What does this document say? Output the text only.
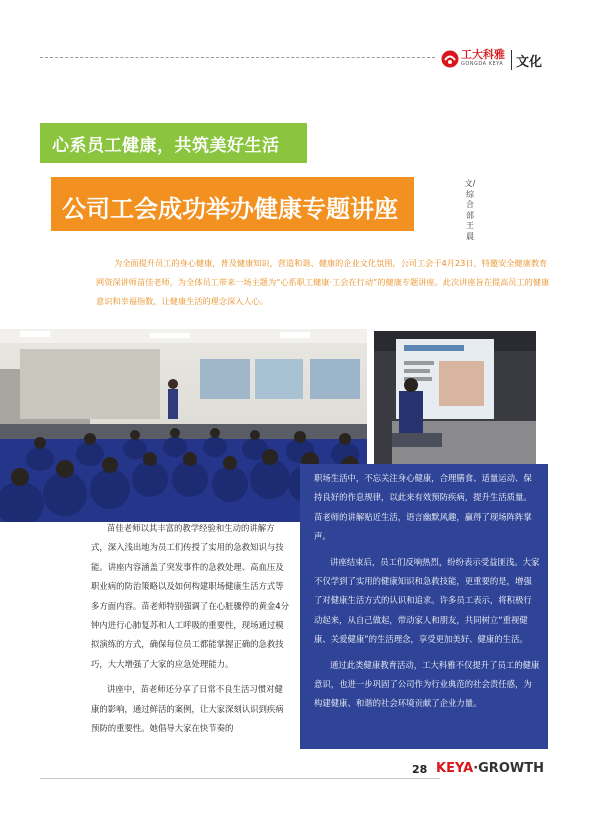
工大科雅
GONGDA KEYA 文化
心系员工健康，共筑美好生活
公司工会成功举办健康专题讲座
文/综合部 王晨
为全面提升员工的身心健康，普及健康知识，营造和谐、健康的企业文化氛围，公司工会于4月23日，特邀安全健康教育网资深讲师苗佳老师，为全体员工带来一场主题为“心系职工健康·工会在行动”的健康专题讲座。此次讲座旨在提高员工的健康意识和幸福指数，让健康生活的理念深入人心。

职场生活中，不忘关注身心健康，合理膳食、适量运动、保持良好的作息规律，以此来有效预防疾病，提升生活质量。苗老师的讲解贴近生活，语言幽默风趣，赢得了现场阵阵掌声。

讲座结束后，员工们反响热烈，纷纷表示受益匪浅。大家不仅学到了实用的健康知识和急救技能，更重要的是，增强了对健康生活方式的认识和追求。许多员工表示，将积极行动起来，从自己做起，带动家人和朋友，共同树立“重视健康、关爱健康”的生活理念，享受更加美好、健康的生活。

通过此类健康教育活动，工大科雅不仅提升了员工的健康意识，也进一步巩固了公司作为行业典范的社会责任感，为构建健康、和谐的社会环境贡献了企业力量。

苗佳老师以其丰富的教学经验和生动的讲解方式，深入浅出地为员工们传授了实用的急救知识与技能。讲座内容涵盖了突发事件的急救处理、高血压及职业病的防治策略以及如何构建职场健康生活方式等多方面内容。苗老师特别强调了在心脏骤停的黄金4分钟内进行心肺复苏和人工呼吸的重要性，现场通过模拟演练的方式，确保每位员工都能掌握正确的急救技巧，大大增强了大家的应急处理能力。

讲座中，苗老师还分享了日常不良生活习惯对健康的影响，通过鲜活的案例，让大家深刻认识到疾病预防的重要性。她倡导大家在快节奏的

28 KEYA·GROWTH
